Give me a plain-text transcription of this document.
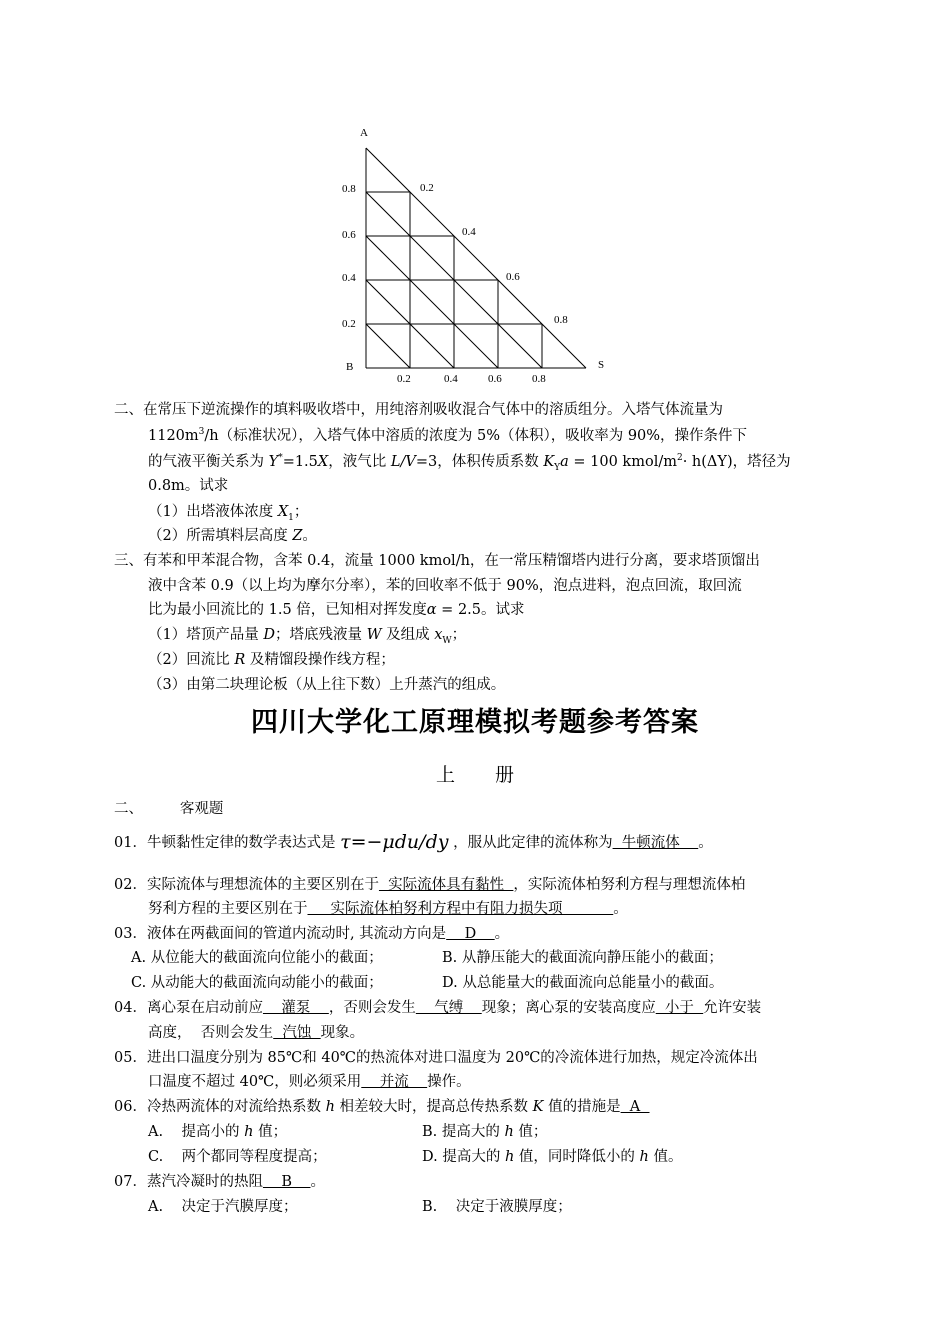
A
B	S
0.8
0.6
0.4
0.2
0.2	0.4	0.6	0.8
0.2
0.4
0.6
0.8
二、在常压下逆流操作的填料吸收塔中，用纯溶剂吸收混合气体中的溶质组分。入塔气体流量为
$1120m^3/h$（标准状况），入塔气体中溶质的浓度为 5%（体积），吸收率为 90%，操作条件下
的气液平衡关系为 Y*=1.5X，液气比 L/V=3，体积传质系数 $K_Ya = 100$ kmol/$m^2\cdot h(\Delta Y)$，塔径为
0.8m。试求
（1）出塔液体浓度 $X_1$；
（2）所需填料层高度 Z。
三、有苯和甲苯混合物，含苯 0.4，流量 1000 kmol/h，在一常压精馏塔内进行分离，要求塔顶馏出
液中含苯 0.9（以上均为摩尔分率），苯的回收率不低于 90%，泡点进料，泡点回流，取回流
比为最小回流比的 1.5 倍，已知相对挥发度α = 2.5。试求
（1）塔顶产品量 D；塔底残液量 W 及组成 $x_W$；
（2）回流比 R 及精馏段操作线方程；
（3）由第二块理论板（从上往下数）上升蒸汽的组成。
四川大学化工原理模拟考题参考答案
上册
二、        客观题
01．牛顿黏性定律的数学表达式是 τ=−μdu/dy ，服从此定律的流体称为  牛顿流体    。
02．实际流体与理想流体的主要区别在于  实际流体具有黏性  ，实际流体柏努利方程与理想流体柏
努利方程的主要区别在于     实际流体柏努利方程中有阻力损失项           。
03．液体在两截面间的管道内流动时, 其流动方向是    D    。
A. 从位能大的截面流向位能小的截面；	B. 从静压能大的截面流向静压能小的截面；
C. 从动能大的截面流向动能小的截面；	D. 从总能量大的截面流向总能量小的截面。
04．离心泵在启动前应    灌泵    ，否则会发生    气缚    现象；离心泵的安装高度应  小于  允许安装
高度，  否则会发生  汽蚀  现象。
05．进出口温度分别为 85℃和 40℃的热流体对进口温度为 20℃的冷流体进行加热，规定冷流体出
口温度不超过 40℃，则必须采用    并流    操作。
06．冷热两流体的对流给热系数 h 相差较大时，提高总传热系数 K 值的措施是  A
A.    提高小的 h 值；	B. 提高大的 h 值；
C.    两个都同等程度提高；	D. 提高大的 h 值，同时降低小的 h 值。
07．蒸汽冷凝时的热阻    B    。
A.    决定于汽膜厚度；	B.    决定于液膜厚度；
